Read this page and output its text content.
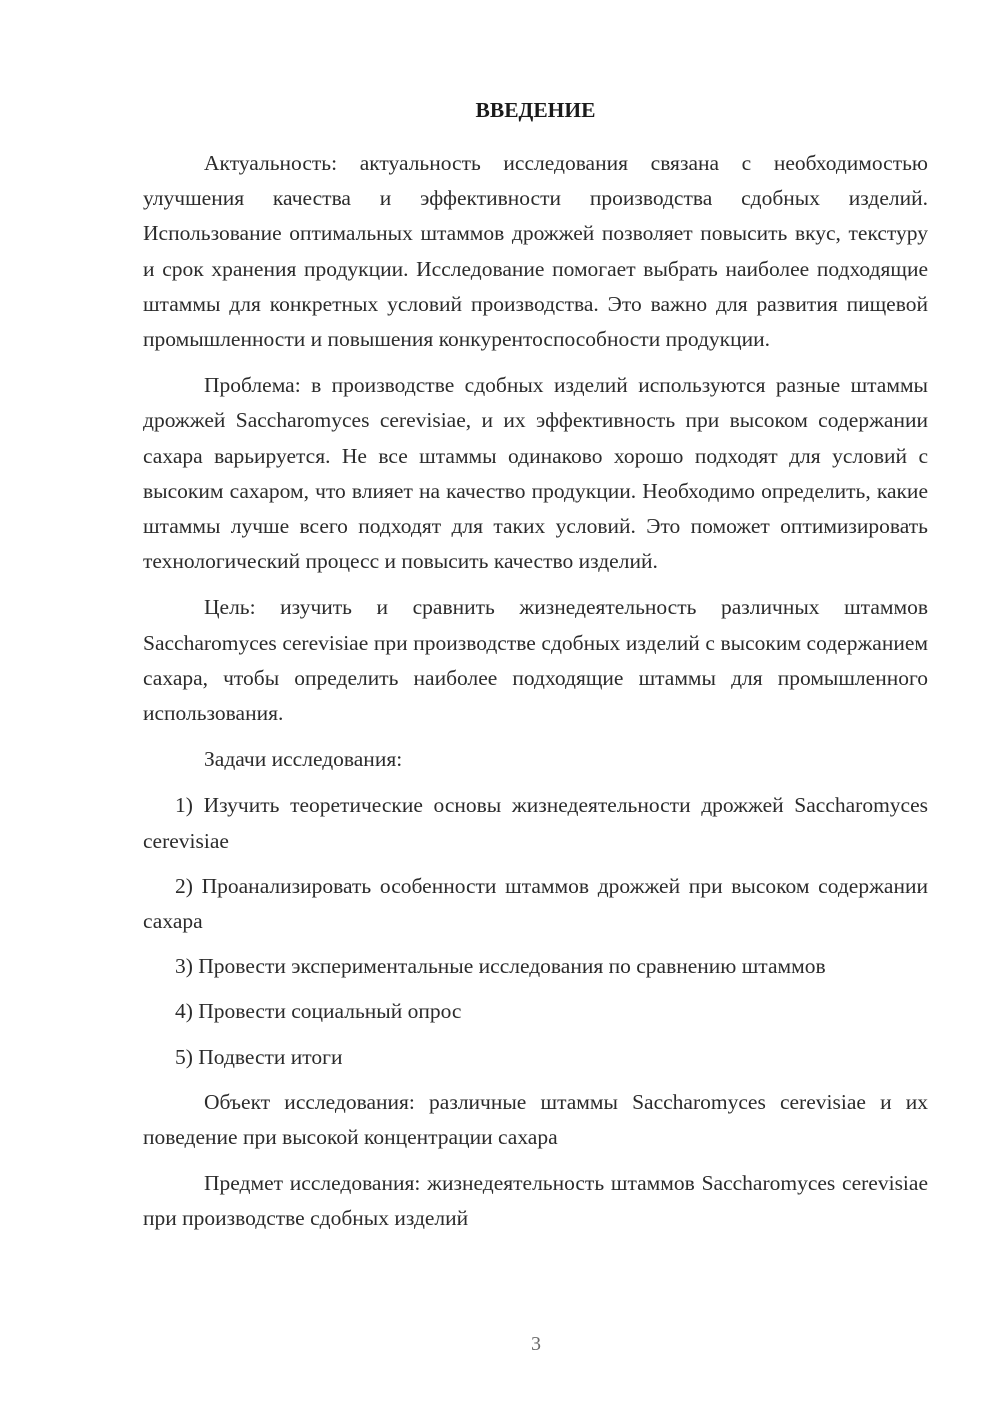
ВВЕДЕНИЕ

Актуальность: актуальность исследования связана с необходимостью улучшения качества и эффективности производства сдобных изделий. Использование оптимальных штаммов дрожжей позволяет повысить вкус, текстуру и срок хранения продукции. Исследование помогает выбрать наиболее подходящие штаммы для конкретных условий производства. Это важно для развития пищевой промышленности и повышения конкурентоспособности продукции.

Проблема: в производстве сдобных изделий используются разные штаммы дрожжей Saccharomyces cerevisiae, и их эффективность при высоком содержании сахара варьируется. Не все штаммы одинаково хорошо подходят для условий с высоким сахаром, что влияет на качество продукции. Необходимо определить, какие штаммы лучше всего подходят для таких условий. Это поможет оптимизировать технологический процесс и повысить качество изделий.

Цель: изучить и сравнить жизнедеятельность различных штаммов Saccharomyces cerevisiae при производстве сдобных изделий с высоким содержанием сахара, чтобы определить наиболее подходящие штаммы для промышленного использования.

Задачи исследования:

1) Изучить теоретические основы жизнедеятельности дрожжей Saccharomyces cerevisiae
2) Проанализировать особенности штаммов дрожжей при высоком содержании сахара
3) Провести экспериментальные исследования по сравнению штаммов
4) Провести социальный опрос
5) Подвести итоги

Объект исследования: различные штаммы Saccharomyces cerevisiae и их поведение при высокой концентрации сахара

Предмет исследования: жизнедеятельность штаммов Saccharomyces cerevisiae при производстве сдобных изделий

3
